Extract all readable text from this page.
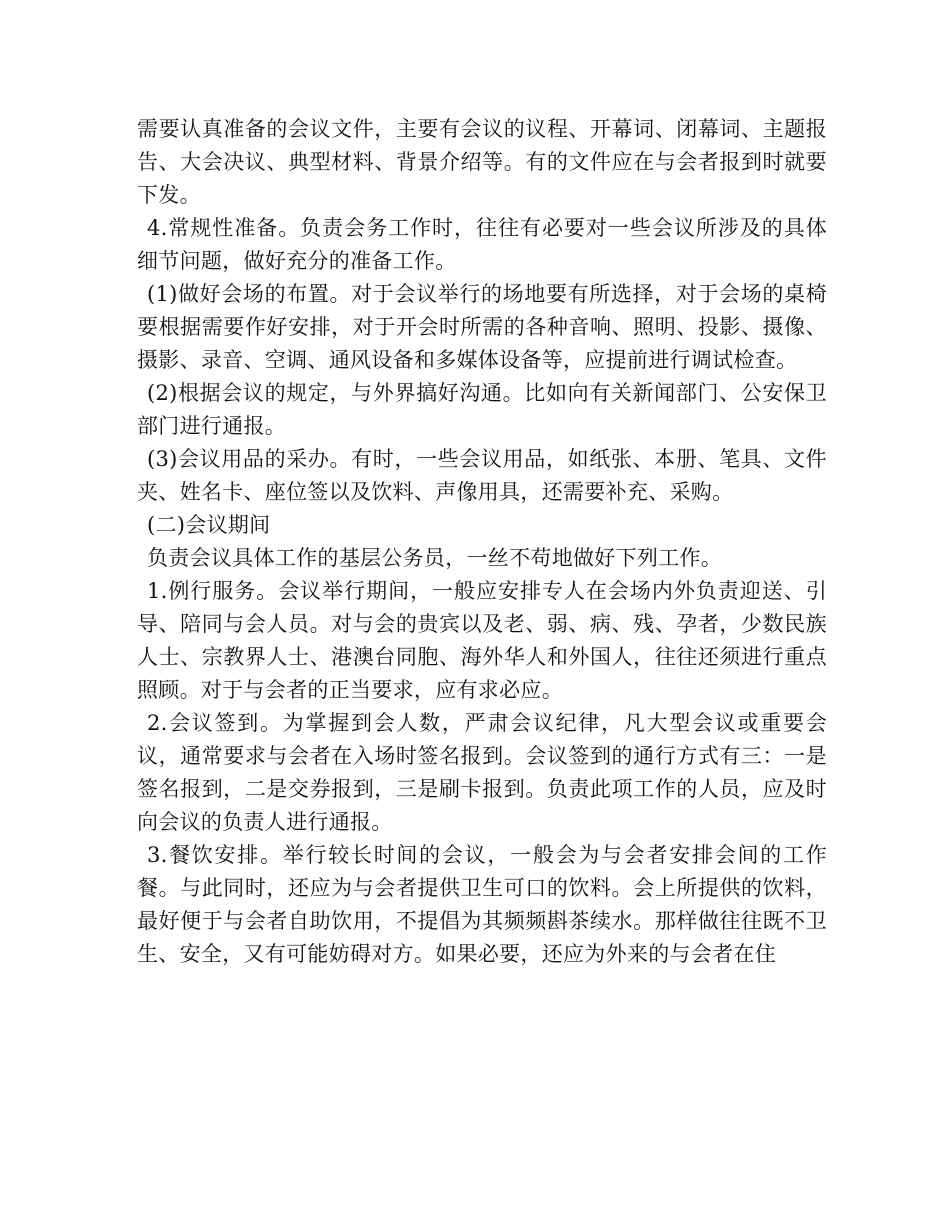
需要认真准备的会议文件，主要有会议的议程、开幕词、闭幕词、主题报告、大会决议、典型材料、背景介绍等。有的文件应在与会者报到时就要下发。

4.常规性准备。负责会务工作时，往往有必要对一些会议所涉及的具体细节问题，做好充分的准备工作。

(1)做好会场的布置。对于会议举行的场地要有所选择，对于会场的桌椅要根据需要作好安排，对于开会时所需的各种音响、照明、投影、摄像、摄影、录音、空调、通风设备和多媒体设备等，应提前进行调试检查。

(2)根据会议的规定，与外界搞好沟通。比如向有关新闻部门、公安保卫部门进行通报。

(3)会议用品的采办。有时，一些会议用品，如纸张、本册、笔具、文件夹、姓名卡、座位签以及饮料、声像用具，还需要补充、采购。

(二)会议期间

负责会议具体工作的基层公务员，一丝不苟地做好下列工作。

1.例行服务。会议举行期间，一般应安排专人在会场内外负责迎送、引导、陪同与会人员。对与会的贵宾以及老、弱、病、残、孕者，少数民族人士、宗教界人士、港澳台同胞、海外华人和外国人，往往还须进行重点照顾。对于与会者的正当要求，应有求必应。

2.会议签到。为掌握到会人数，严肃会议纪律，凡大型会议或重要会议，通常要求与会者在入场时签名报到。会议签到的通行方式有三：一是签名报到，二是交券报到，三是刷卡报到。负责此项工作的人员，应及时向会议的负责人进行通报。

3.餐饮安排。举行较长时间的会议，一般会为与会者安排会间的工作餐。与此同时，还应为与会者提供卫生可口的饮料。会上所提供的饮料，最好便于与会者自助饮用，不提倡为其频频斟茶续水。那样做往往既不卫生、安全，又有可能妨碍对方。如果必要，还应为外来的与会者在住
